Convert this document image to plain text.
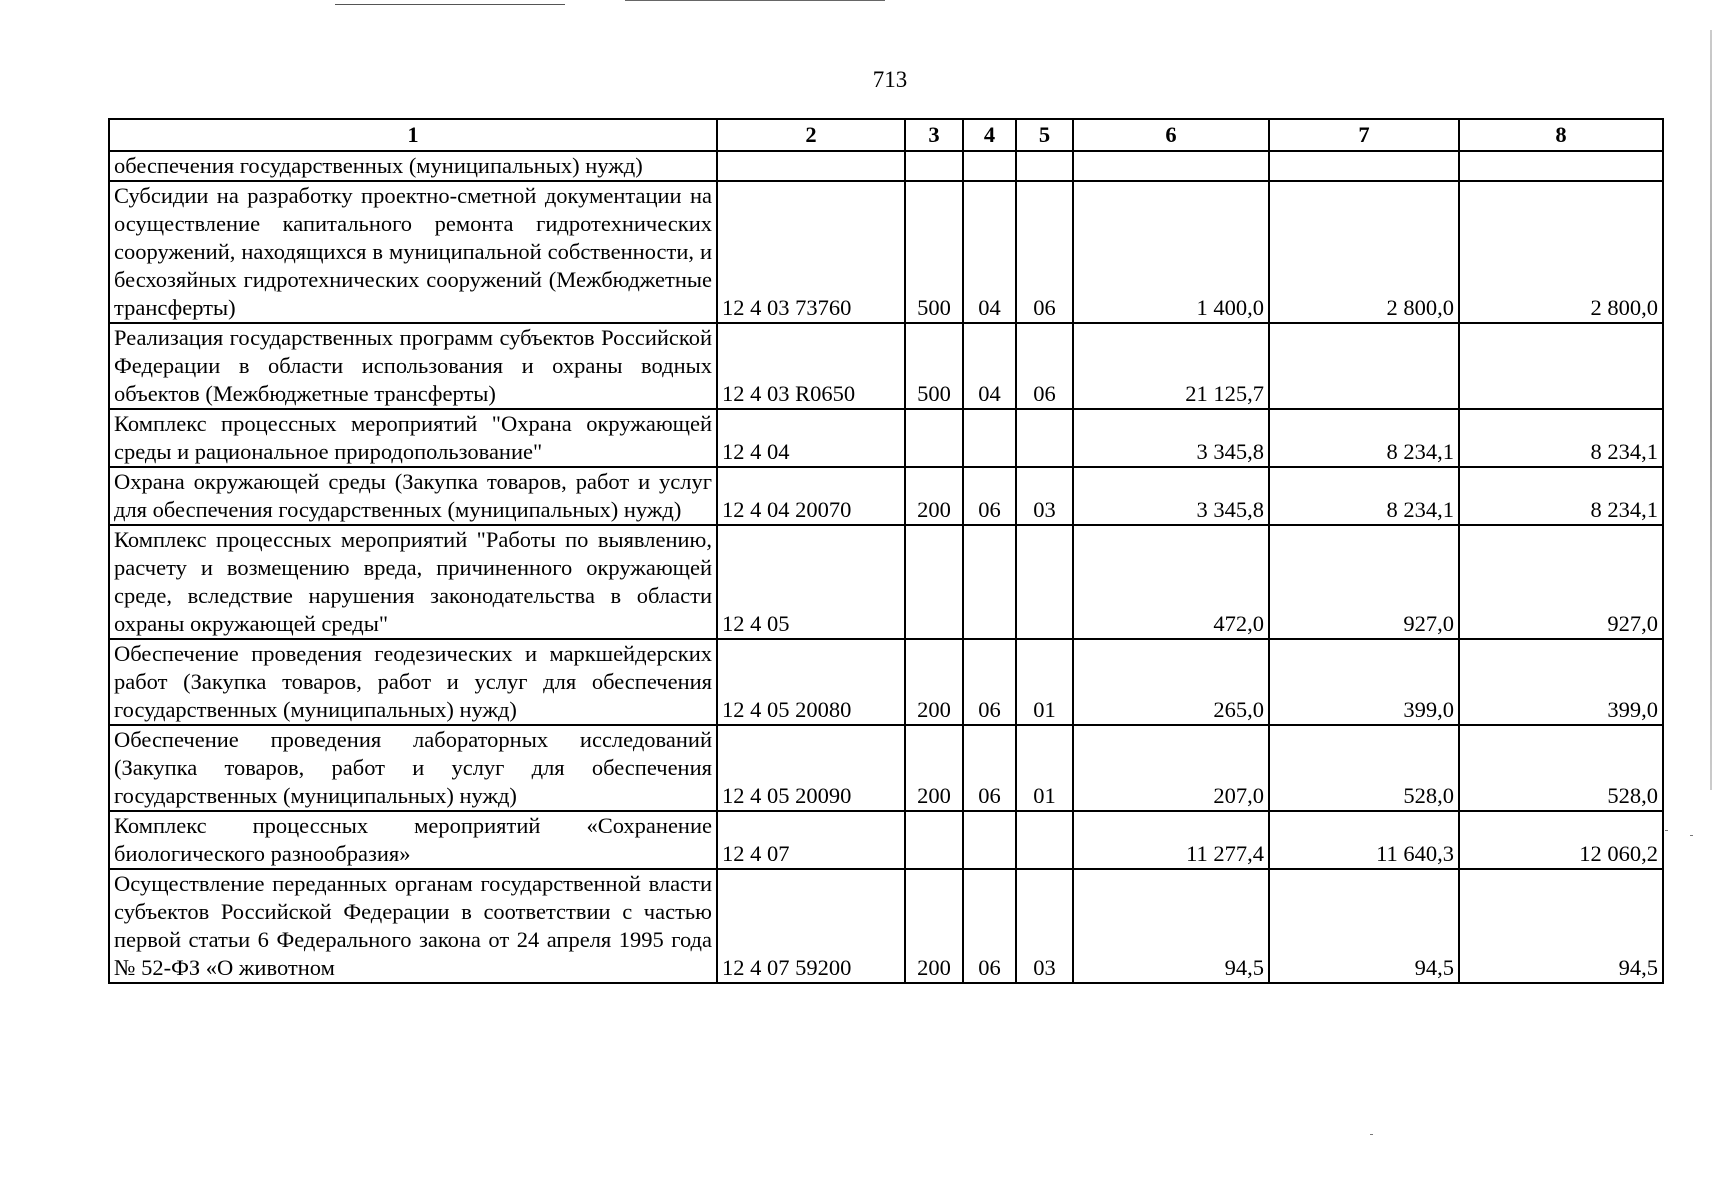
713
1	2	3	4	5	6	7	8
обеспечения государственных (муниципальных) нужд)							
Субсидии на разработку проектно-сметной документации на осуществление капитального ремонта гидротехнических сооружений, находящихся в муниципальной собственности, и бесхозяйных гидротехнических сооружений (Межбюджетные трансферты)	12 4 03 73760	500	04	06	1 400,0	2 800,0	2 800,0
Реализация государственных программ субъектов Российской Федерации в области использования и охраны водных объектов (Межбюджетные трансферты)	12 4 03 R0650	500	04	06	21 125,7		
Комплекс процессных мероприятий "Охрана окружающей среды и рациональное природопользование"	12 4 04				3 345,8	8 234,1	8 234,1
Охрана окружающей среды (Закупка товаров, работ и услуг для обеспечения государственных (муниципальных) нужд)	12 4 04 20070	200	06	03	3 345,8	8 234,1	8 234,1
Комплекс процессных мероприятий "Работы по выявлению, расчету и возмещению вреда, причиненного окружающей среде, вследствие нарушения законодательства в области охраны окружающей среды"	12 4 05				472,0	927,0	927,0
Обеспечение проведения геодезических и маркшейдерских работ (Закупка товаров, работ и услуг для обеспечения государственных (муниципальных) нужд)	12 4 05 20080	200	06	01	265,0	399,0	399,0
Обеспечение проведения лабораторных исследований (Закупка товаров, работ и услуг для обеспечения государственных (муниципальных) нужд)	12 4 05 20090	200	06	01	207,0	528,0	528,0
Комплекс процессных мероприятий «Сохранение биологического разнообразия»	12 4 07				11 277,4	11 640,3	12 060,2
Осуществление переданных органам государственной власти субъектов Российской Федерации в соответствии с частью первой статьи 6 Федерального закона от 24 апреля 1995 года № 52-ФЗ «О животном	12 4 07 59200	200	06	03	94,5	94,5	94,5
